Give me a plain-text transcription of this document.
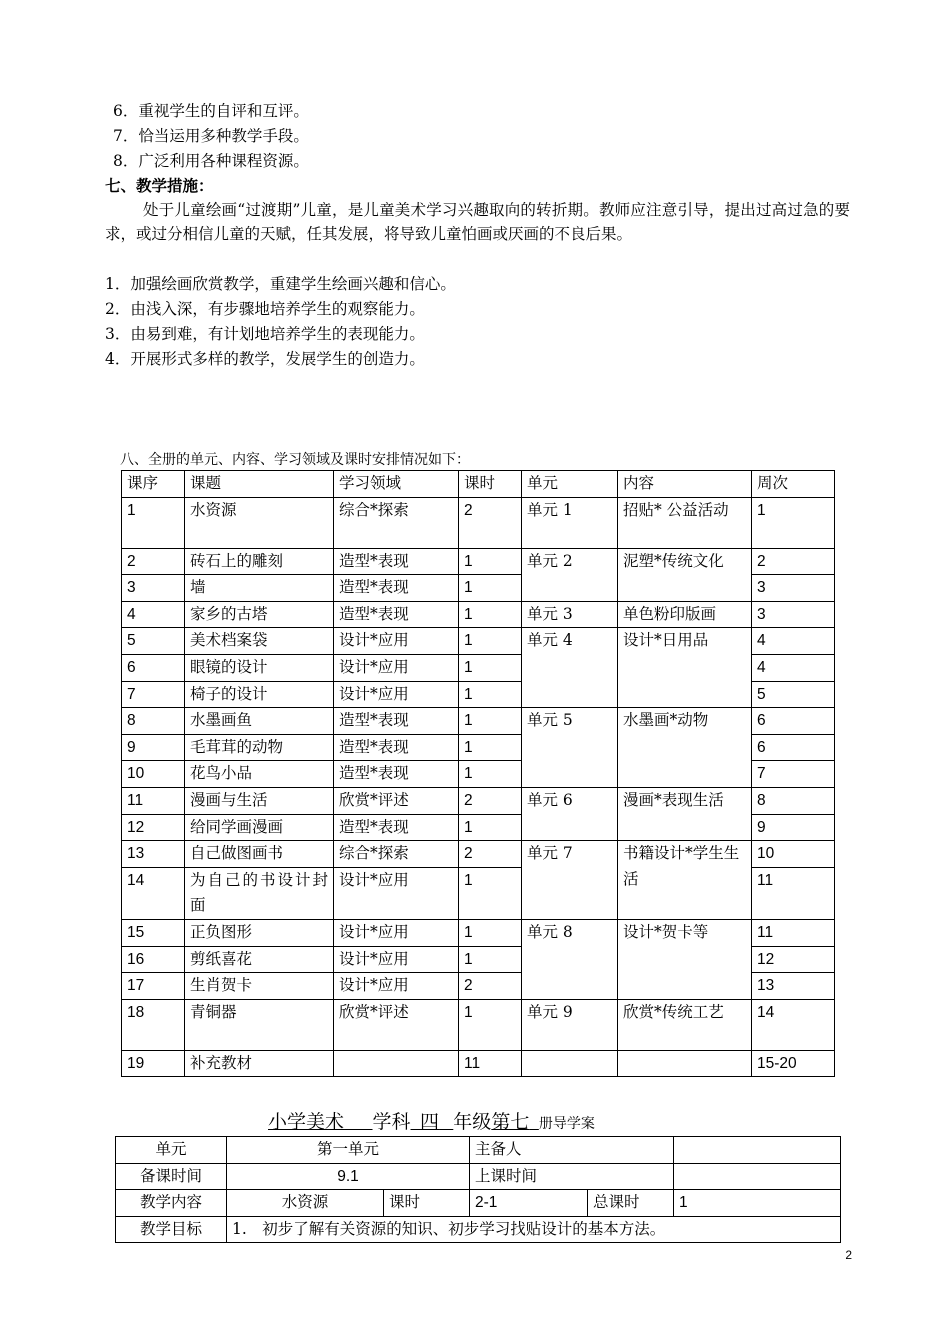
6．重视学生的自评和互评。
7．恰当运用多种教学手段。
8．广泛利用各种课程资源。
七、教学措施：
处于儿童绘画“过渡期”儿童，是儿童美术学习兴趣取向的转折期。教师应注意引导，提出过高过急的要求，或过分相信儿童的天赋，任其发展，将导致儿童怕画或厌画的不良后果。
1．加强绘画欣赏教学，重建学生绘画兴趣和信心。
2．由浅入深，有步骤地培养学生的观察能力。
3．由易到难，有计划地培养学生的表现能力。
4．开展形式多样的教学，发展学生的创造力。
八、全册的单元、内容、学习领域及课时安排情况如下：
课序	课题	学习领域	课时	单元	内容	周次
1	水资源	综合*探索	2	单元 1	招贴* 公益活动	1
2	砖石上的雕刻	造型*表现	1	单元 2	泥塑*传统文化	2
3	墙	造型*表现	1			3
4	家乡的古塔	造型*表现	1	单元 3	单色粉印版画	3
5	美术档案袋	设计*应用	1	单元 4	设计*日用品	4
6	眼镜的设计	设计*应用	1			4
7	椅子的设计	设计*应用	1			5
8	水墨画鱼	造型*表现	1	单元 5	水墨画*动物	6
9	毛茸茸的动物	造型*表现	1			6
10	花鸟小品	造型*表现	1			7
11	漫画与生活	欣赏*评述	2	单元 6	漫画*表现生活	8
12	给同学画漫画	造型*表现	1			9
13	自己做图画书	综合*探索	2	单元 7	书籍设计*学生生活	10
14	为自己的书设计封面	设计*应用	1			11
15	正负图形	设计*应用	1	单元 8	设计*贺卡等	11
16	剪纸喜花	设计*应用	1			12
17	生肖贺卡	设计*应用	2			13
18	青铜器	欣赏*评述	1	单元 9	欣赏*传统工艺	14
19	补充教材		11			15-20
小学美术   学科  四   年级第七  册导学案
单元	第一单元		主备人		
备课时间	9.1		上课时间		
教学内容	水资源	课时	2-1	总课时	1
教学目标	1.　初步了解有关资源的知识、初步学习找贴设计的基本方法。				
2
